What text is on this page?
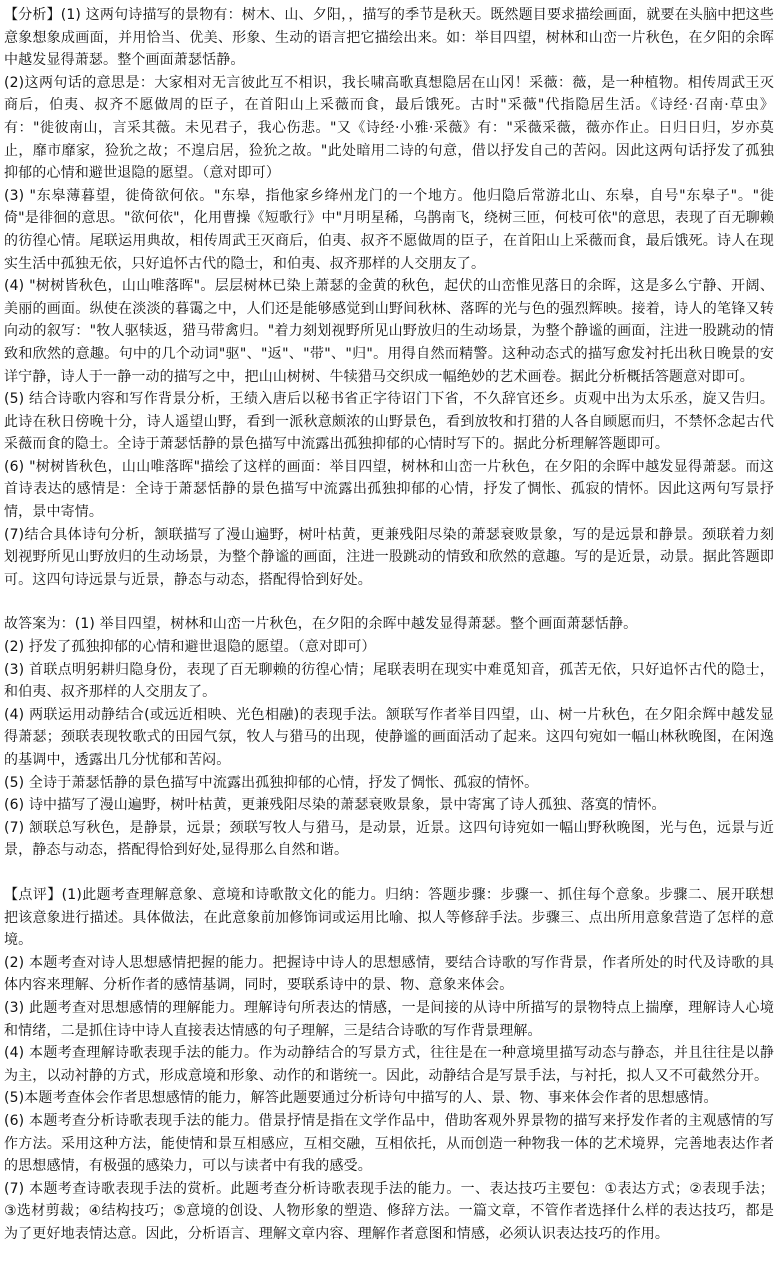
【分析】(1) 这两句诗描写的景物有：树木、山、夕阳，，描写的季节是秋天。既然题目要求描绘画面，就要在头脑中把这些意象想象成画面，并用恰当、优美、形象、生动的语言把它描绘出来。如：举目四望，树林和山峦一片秋色，在夕阳的余晖中越发显得萧瑟。整个画面萧瑟恬静。

(2)这两句话的意思是：大家相对无言彼此互不相识，我长啸高歌真想隐居在山冈！采薇：薇，是一种植物。相传周武王灭商后，伯夷、叔齐不愿做周的臣子，在首阳山上采薇而食，最后饿死。古时"采薇"代指隐居生活。《诗经·召南·草虫》有："徙彼南山，言采其薇。未见君子，我心伤悲。"又《诗经·小雅·采薇》有："采薇采薇，薇亦作止。日归日归，岁亦莫止，靡市靡家，猃狁之故；不遑启居，猃狁之故。"此处暗用二诗的句意，借以抒发自己的苦闷。因此这两句话抒发了孤独抑郁的心情和避世退隐的愿望。（意对即可）

(3) "东皋薄暮望，徙倚欲何依。"东皋，指他家乡绛州龙门的一个地方。他归隐后常游北山、东皋，自号"东皋子"。"徙倚"是徘徊的意思。"欲何依"，化用曹操《短歌行》中"月明星稀，乌鹊南飞，绕树三匝，何枝可依"的意思，表现了百无聊赖的彷徨心情。尾联运用典故，相传周武王灭商后，伯夷、叔齐不愿做周的臣子，在首阳山上采薇而食，最后饿死。诗人在现实生活中孤独无依，只好追怀古代的隐士，和伯夷、叔齐那样的人交朋友了。

(4) "树树皆秋色，山山唯落晖"。层层树林已染上萧瑟的金黄的秋色，起伏的山峦惟见落日的余晖，这是多么宁静、开阔、美丽的画面。纵使在淡淡的暮霭之中，人们还是能够感觉到山野间秋林、落晖的光与色的强烈辉映。接着，诗人的笔锋又转向动的叙写："牧人驱犊返，猎马带禽归。"着力刻划视野所见山野放归的生动场景，为整个静谧的画面，注进一股跳动的情致和欣然的意趣。句中的几个动词"驱"、"返"、"带"、"归"。用得自然而精警。这种动态式的描写愈发衬托出秋日晚景的安详宁静，诗人于一静一动的描写之中，把山山树树、牛犊猎马交织成一幅绝妙的艺术画卷。据此分析概括答题意对即可。

(5) 结合诗歌内容和写作背景分析，王绩入唐后以秘书省正字待诏门下省，不久辞官还乡。贞观中出为太乐丞，旋又告归。此诗在秋日傍晚十分，诗人遥望山野，看到一派秋意颇浓的山野景色，看到放牧和打猎的人各自顾愿而归，不禁怀念起古代采薇而食的隐士。全诗于萧瑟恬静的景色描写中流露出孤独抑郁的心情时写下的。据此分析理解答题即可。

(6) "树树皆秋色，山山唯落晖"描绘了这样的画面：举目四望，树林和山峦一片秋色，在夕阳的余晖中越发显得萧瑟。而这首诗表达的感情是：全诗于萧瑟恬静的景色描写中流露出孤独抑郁的心情，抒发了惆怅、孤寂的情怀。因此这两句写景抒情，景中寄情。

(7)结合具体诗句分析，颔联描写了漫山遍野，树叶枯黄，更兼残阳尽染的萧瑟衰败景象，写的是远景和静景。颈联着力刻划视野所见山野放归的生动场景，为整个静谧的画面，注进一股跳动的情致和欣然的意趣。写的是近景，动景。据此答题即可。这四句诗远景与近景，静态与动态，搭配得恰到好处。

故答案为：(1) 举目四望，树林和山峦一片秋色，在夕阳的余晖中越发显得萧瑟。整个画面萧瑟恬静。

(2) 抒发了孤独抑郁的心情和避世退隐的愿望。（意对即可）

(3) 首联点明躬耕归隐身份，表现了百无聊赖的彷徨心情；尾联表明在现实中难觅知音，孤苦无依，只好追怀古代的隐士，和伯夷、叔齐那样的人交朋友了。

(4) 两联运用动静结合(或远近相映、光色相融)的表现手法。颔联写作者举目四望，山、树一片秋色，在夕阳余辉中越发显得萧瑟；颈联表现牧歌式的田园气氛，牧人与猎马的出现，使静谧的画面活动了起来。这四句宛如一幅山林秋晚图，在闲逸的基调中，透露出几分忧郁和苦闷。

(5) 全诗于萧瑟恬静的景色描写中流露出孤独抑郁的心情，抒发了惆怅、孤寂的情怀。

(6) 诗中描写了漫山遍野，树叶枯黄，更兼残阳尽染的萧瑟衰败景象，景中寄寓了诗人孤独、落寞的情怀。

(7) 颔联总写秋色，是静景，远景；颈联写牧人与猎马，是动景，近景。这四句诗宛如一幅山野秋晚图，光与色，远景与近景，静态与动态，搭配得恰到好处,显得那么自然和谐。

【点评】(1)此题考查理解意象、意境和诗歌散文化的能力。归纳：答题步骤：步骤一、抓住每个意象。步骤二、展开联想把该意象进行描述。具体做法，在此意象前加修饰词或运用比喻、拟人等修辞手法。步骤三、点出所用意象营造了怎样的意境。

(2) 本题考查对诗人思想感情把握的能力。把握诗中诗人的思想感情，要结合诗歌的写作背景，作者所处的时代及诗歌的具体内容来理解、分析作者的感情基调，同时，要联系诗中的景、物、意象来体会。

(3) 此题考查对思想感情的理解能力。理解诗句所表达的情感，一是间接的从诗中所描写的景物特点上揣摩，理解诗人心境和情绪，二是抓住诗中诗人直接表达情感的句子理解，三是结合诗歌的写作背景理解。

(4) 本题考查理解诗歌表现手法的能力。作为动静结合的写景方式，往往是在一种意境里描写动态与静态，并且往往是以静为主，以动衬静的方式，形成意境和形象、动作的和谐统一。因此，动静结合是写景手法，与衬托，拟人又不可截然分开。

(5)本题考查体会作者思想感情的能力，解答此题要通过分析诗句中描写的人、景、物、事来体会作者的思想感情。

(6) 本题考查分析诗歌表现手法的能力。借景抒情是指在文学作品中，借助客观外界景物的描写来抒发作者的主观感情的写作方法。采用这种方法，能使情和景互相感应，互相交融，互相依托，从而创造一种物我一体的艺术境界，完善地表达作者的思想感情，有极强的感染力，可以与读者中有我的感受。

(7) 本题考查诗歌表现手法的赏析。此题考查分析诗歌表现手法的能力。一、表达技巧主要包：①表达方式；②表现手法；③选材剪裁；④结构技巧；⑤意境的创设、人物形象的塑造、修辞方法。一篇文章，不管作者选择什么样的表达技巧，都是为了更好地表情达意。因此，分析语言、理解文章内容、理解作者意图和情感，必须认识表达技巧的作用。
